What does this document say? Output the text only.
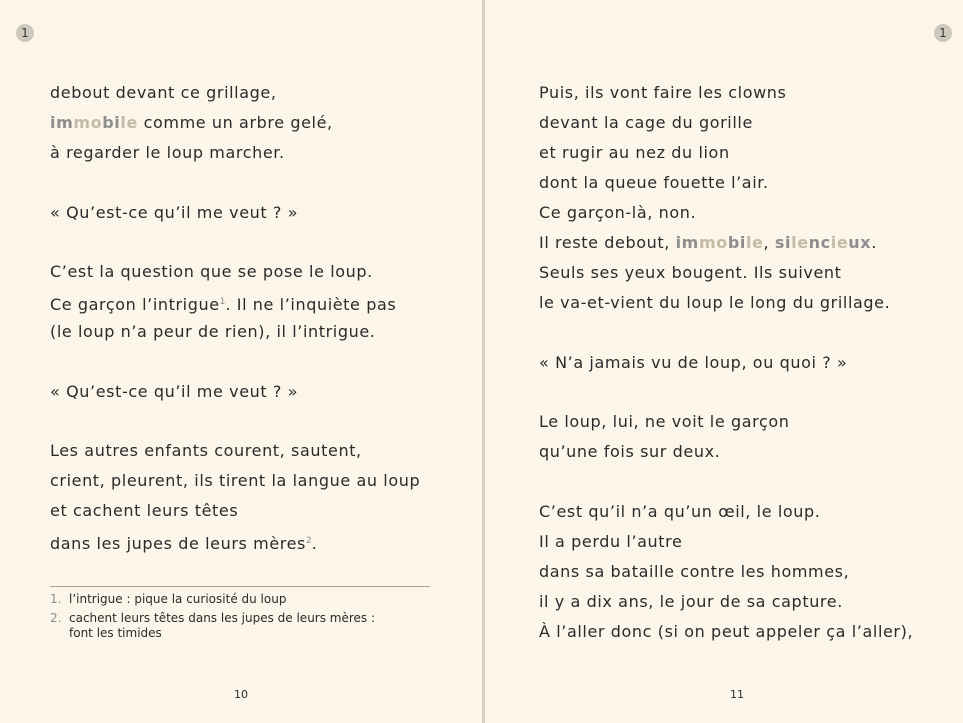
1
debout devant ce grillage,
immobile comme un arbre gelé,
à regarder le loup marcher.
« Qu’est-ce qu’il me veut ? »
C’est la question que se pose le loup.
Ce garçon l’intrigue$^1$. Il ne l’inquiète pas
(le loup n’a peur de rien), il l’intrigue.
« Qu’est-ce qu’il me veut ? »
Les autres enfants courent, sautent,
crient, pleurent, ils tirent la langue au loup
et cachent leurs têtes
dans les jupes de leurs mères$^2$.
1. l’intrigue : pique la curiosité du loup
2. cachent leurs têtes dans les jupes de leurs mères :
font les timides
10
1
Puis, ils vont faire les clowns
devant la cage du gorille
et rugir au nez du lion
dont la queue fouette l’air.
Ce garçon-là, non.
Il reste debout, immobile, silencieux.
Seuls ses yeux bougent. Ils suivent
le va-et-vient du loup le long du grillage.
« N’a jamais vu de loup, ou quoi ? »
Le loup, lui, ne voit le garçon
qu’une fois sur deux.
C’est qu’il n’a qu’un œil, le loup.
Il a perdu l’autre
dans sa bataille contre les hommes,
il y a dix ans, le jour de sa capture.
À l’aller donc (si on peut appeler ça l’aller),
11
